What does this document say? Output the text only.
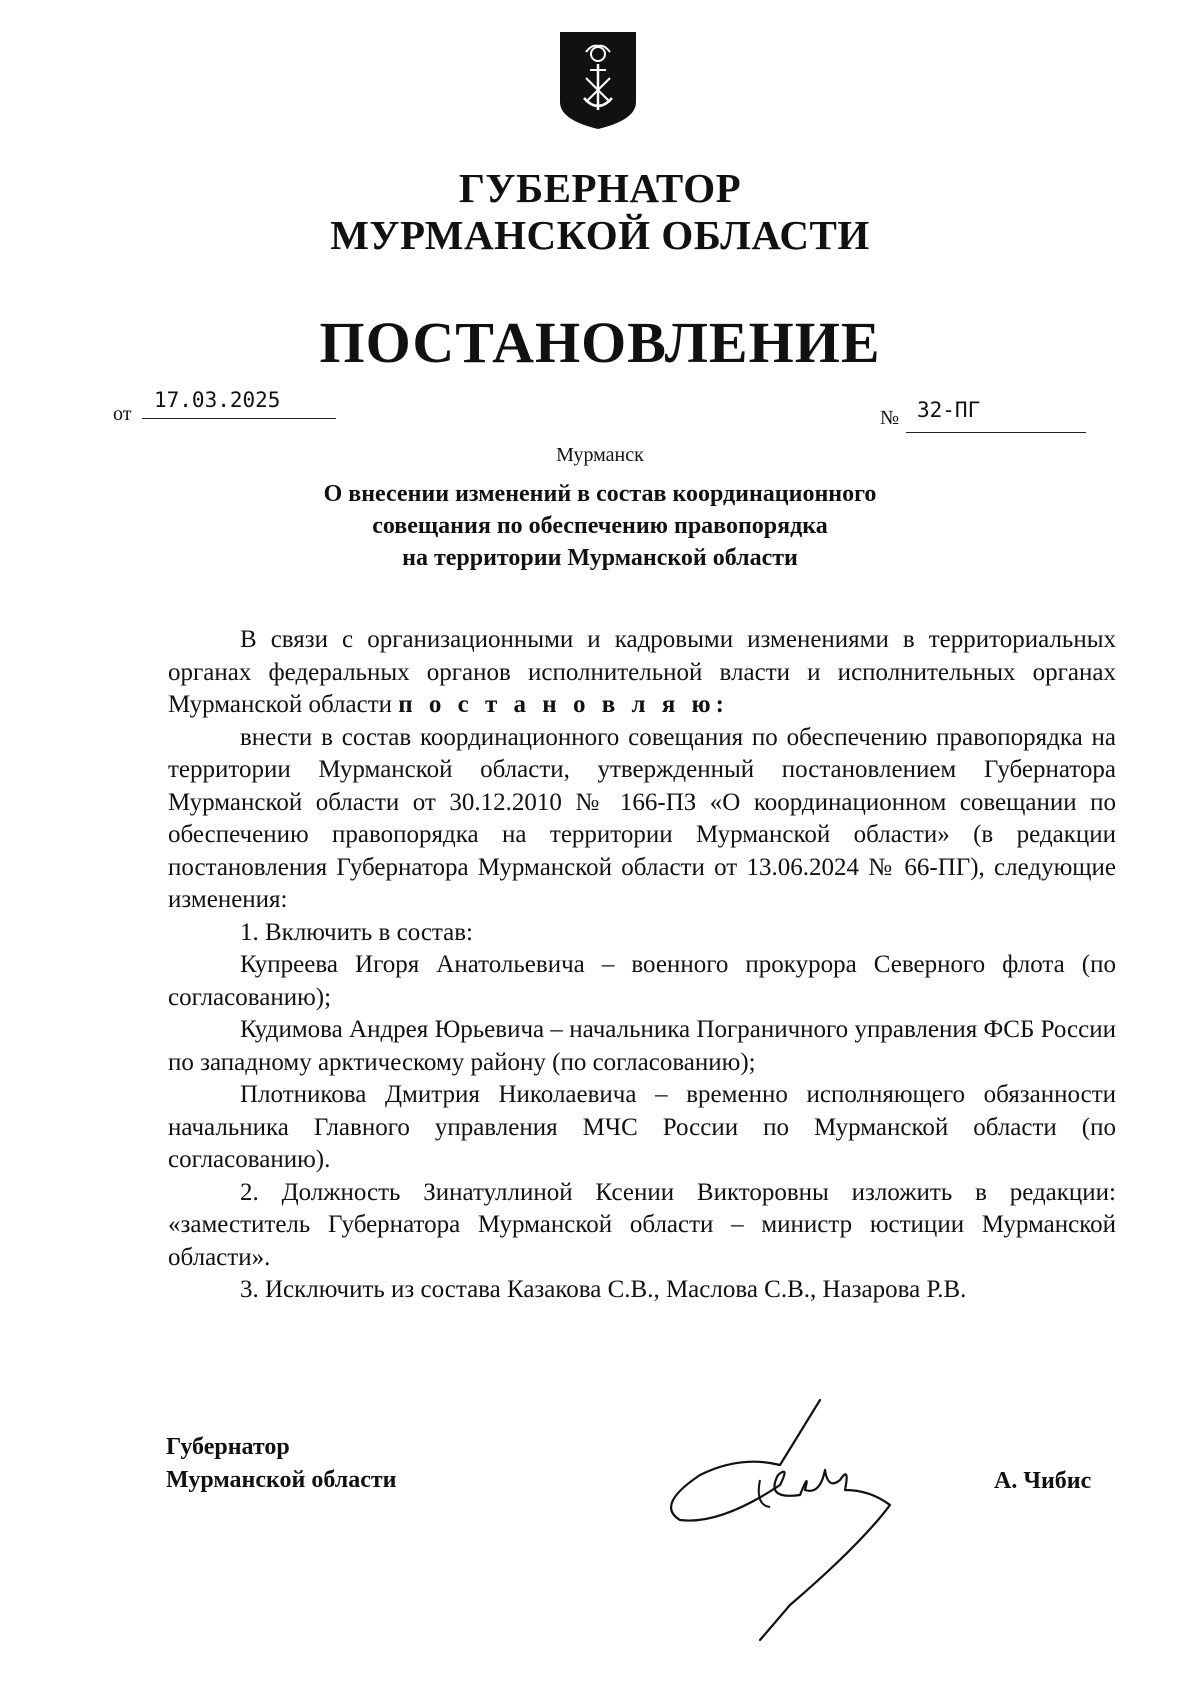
ГУБЕРНАТОР
МУРМАНСКОЙ ОБЛАСТИ
ПОСТАНОВЛЕНИЕ
от
17.03.2025
№ 32-ПГ
Мурманск
О внесении изменений в состав координационного
совещания по обеспечению правопорядка
на территории Мурманской области

В связи с организационными и кадровыми изменениями в территориальных органах федеральных органов исполнительной власти и исполнительных органах Мурманской области п о с т а н о в л я ю:

внести в состав координационного совещания по обеспечению правопорядка на территории Мурманской области, утвержденный постановлением Губернатора Мурманской области от 30.12.2010 № 166-ПЗ «О координационном совещании по обеспечению правопорядка на территории Мурманской области» (в редакции постановления Губернатора Мурманской области от 13.06.2024 № 66-ПГ), следующие изменения:

1. Включить в состав:

Купреева Игоря Анатольевича – военного прокурора Северного флота (по согласованию);

Кудимова Андрея Юрьевича – начальника Пограничного управления ФСБ России по западному арктическому району (по согласованию);

Плотникова Дмитрия Николаевича – временно исполняющего обязанности начальника Главного управления МЧС России по Мурманской области (по согласованию).

2. Должность Зинатуллиной Ксении Викторовны изложить в редакции: «заместитель Губернатора Мурманской области – министр юстиции Мурманской области».

3. Исключить из состава Казакова С.В., Маслова С.В., Назарова Р.В.

Губернатор
Мурманской области	А. Чибис
